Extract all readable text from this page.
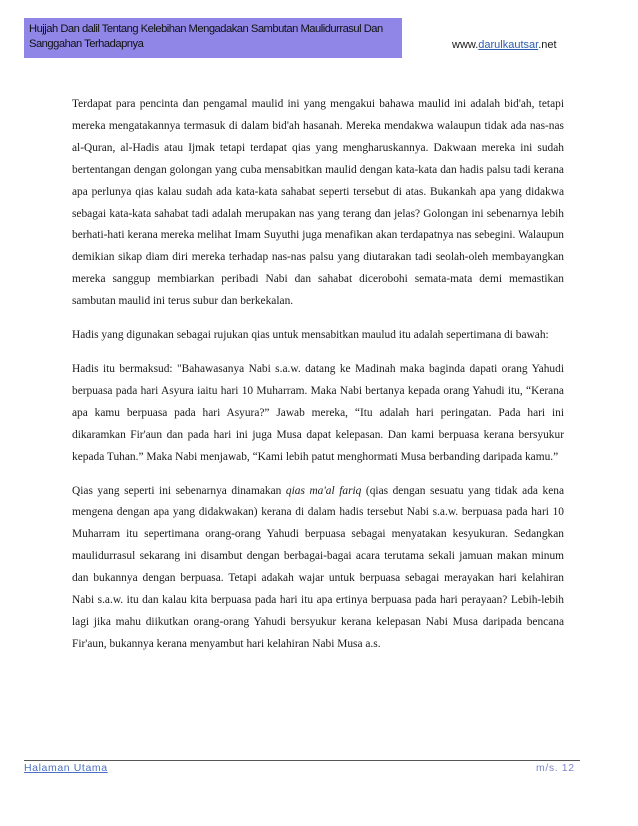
Hujjah Dan dalil Tentang Kelebihan Mengadakan Sambutan Maulidurrasul Dan
Sanggahan Terhadapnya	www.darulkautsar.net

Terdapat para pencinta dan pengamal maulid ini yang mengakui bahawa maulid ini adalah bid'ah, tetapi mereka mengatakannya termasuk di dalam bid'ah hasanah. Mereka mendakwa walaupun tidak ada nas-nas al-Quran, al-Hadis atau Ijmak tetapi terdapat qias yang mengharuskannya. Dakwaan mereka ini sudah bertentangan dengan golongan yang cuba mensabitkan maulid dengan kata-kata dan hadis palsu tadi kerana apa perlunya qias kalau sudah ada kata-kata sahabat seperti tersebut di atas. Bukankah apa yang didakwa sebagai kata-kata sahabat tadi adalah merupakan nas yang terang dan jelas? Golongan ini sebenarnya lebih berhati-hati kerana mereka melihat Imam Suyuthi juga menafikan akan terdapatnya nas sebegini. Walaupun demikian sikap diam diri mereka terhadap nas-nas palsu yang diutarakan tadi seolah-oleh membayangkan mereka sanggup membiarkan peribadi Nabi dan sahabat dicerobohi semata-mata demi memastikan sambutan maulid ini terus subur dan berkekalan.

Hadis yang digunakan sebagai rujukan qias untuk mensabitkan maulud itu adalah sepertimana di bawah:

Hadis itu bermaksud: "Bahawasanya Nabi s.a.w. datang ke Madinah maka baginda dapati orang Yahudi berpuasa pada hari Asyura iaitu hari 10 Muharram. Maka Nabi bertanya kepada orang Yahudi itu, “Kerana apa kamu berpuasa pada hari Asyura?” Jawab mereka, “Itu adalah hari peringatan. Pada hari ini dikaramkan Fir'aun dan pada hari ini juga Musa dapat kelepasan. Dan kami berpuasa kerana bersyukur kepada Tuhan.” Maka Nabi menjawab, “Kami lebih patut menghormati Musa berbanding daripada kamu.”

Qias yang seperti ini sebenarnya dinamakan qias ma'al fariq (qias dengan sesuatu yang tidak ada kena mengena dengan apa yang didakwakan) kerana di dalam hadis tersebut Nabi s.a.w. berpuasa pada hari 10 Muharram itu sepertimana orang-orang Yahudi berpuasa sebagai menyatakan kesyukuran. Sedangkan maulidurrasul sekarang ini disambut dengan berbagai-bagai acara terutama sekali jamuan makan minum dan bukannya dengan berpuasa. Tetapi adakah wajar untuk berpuasa sebagai merayakan hari kelahiran Nabi s.a.w. itu dan kalau kita berpuasa pada hari itu apa ertinya berpuasa pada hari perayaan? Lebih-lebih lagi jika mahu diikutkan orang-orang Yahudi bersyukur kerana kelepasan Nabi Musa daripada bencana Fir'aun, bukannya kerana menyambut hari kelahiran Nabi Musa a.s.

Halaman Utama	m/s. 12
